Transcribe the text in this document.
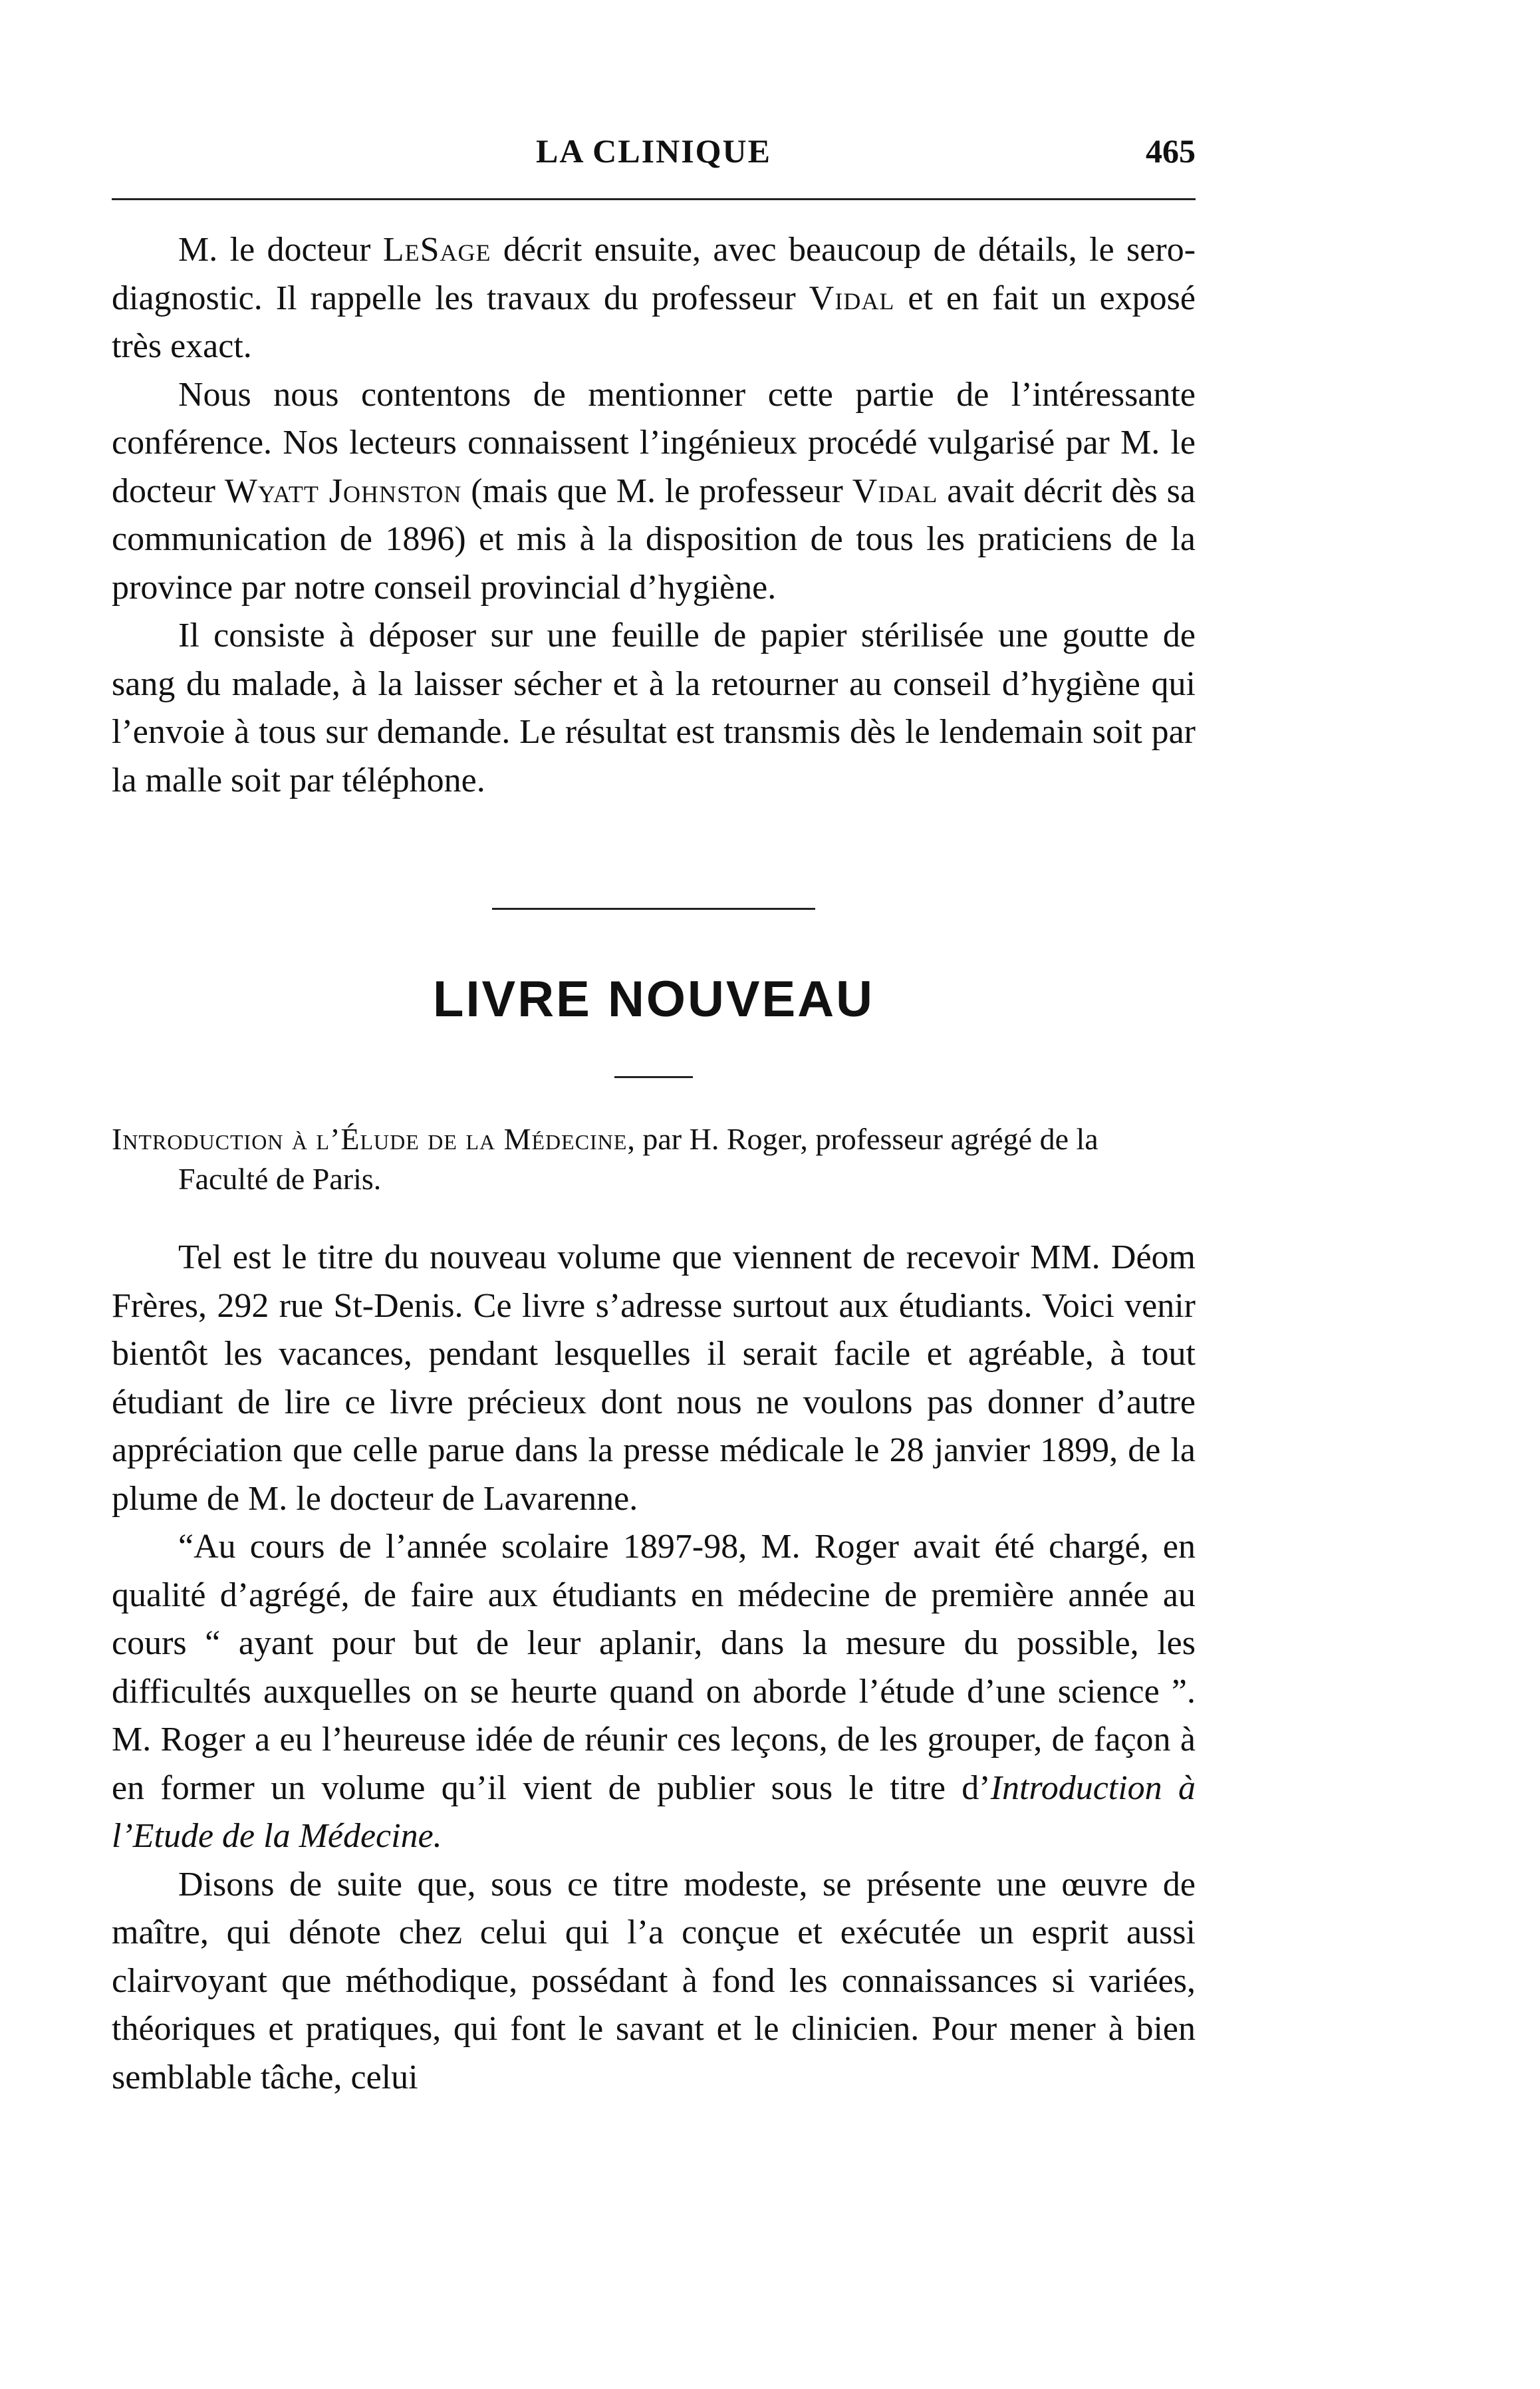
LA CLINIQUE	465

M. le docteur LeSage décrit ensuite, avec beaucoup de détails, le sero-diagnostic. Il rappelle les travaux du professeur Vidal et en fait un exposé très exact.

Nous nous contentons de mentionner cette partie de l’intéressante conférence. Nos lecteurs connaissent l’ingénieux procédé vulgarisé par M. le docteur Wyatt Johnston (mais que M. le professeur Vidal avait décrit dès sa communication de 1896) et mis à la disposition de tous les praticiens de la province par notre conseil provincial d’hygiène.

Il consiste à déposer sur une feuille de papier stérilisée une goutte de sang du malade, à la laisser sécher et à la retourner au conseil d’hygiène qui l’envoie à tous sur demande. Le résultat est transmis dès le lendemain soit par la malle soit par téléphone.

LIVRE NOUVEAU
Introduction à l’Élude de la Médecine, par H. Roger, professeur agrégé de la Faculté de Paris.

Tel est le titre du nouveau volume que viennent de recevoir MM. Déom Frères, 292 rue St-Denis. Ce livre s’adresse surtout aux étudiants. Voici venir bientôt les vacances, pendant lesquelles il serait facile et agréable, à tout étudiant de lire ce livre précieux dont nous ne voulons pas donner d’autre appréciation que celle parue dans la presse médicale le 28 janvier 1899, de la plume de M. le docteur de Lavarenne.

“Au cours de l’année scolaire 1897-98, M. Roger avait été chargé, en qualité d’agrégé, de faire aux étudiants en médecine de première année au cours “ ayant pour but de leur aplanir, dans la mesure du possible, les difficultés auxquelles on se heurte quand on aborde l’étude d’une science ”. M. Roger a eu l’heureuse idée de réunir ces leçons, de les grouper, de façon à en former un volume qu’il vient de publier sous le titre d’Introduction à l’Etude de la Médecine.

Disons de suite que, sous ce titre modeste, se présente une œuvre de maître, qui dénote chez celui qui l’a conçue et exécutée un esprit aussi clairvoyant que méthodique, possédant à fond les connaissances si variées, théoriques et pratiques, qui font le savant et le clinicien. Pour mener à bien semblable tâche, celui
